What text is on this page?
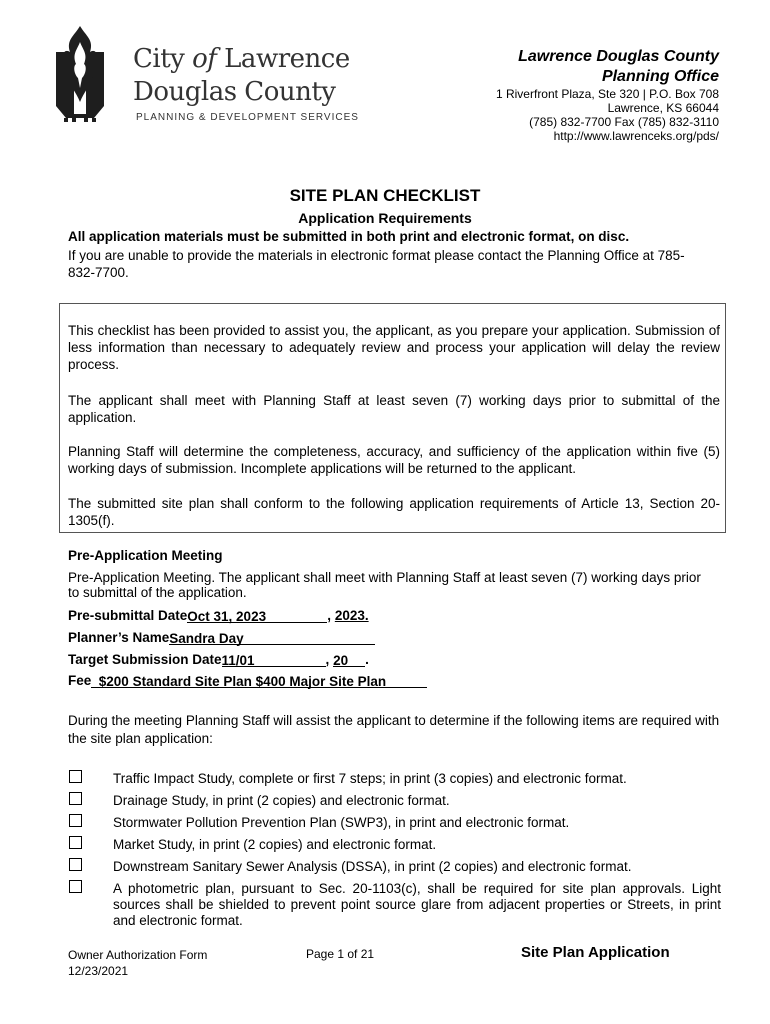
City of Lawrence
Douglas County
PLANNING & DEVELOPMENT SERVICES
Lawrence Douglas County
Planning Office
1 Riverfront Plaza, Ste 320 | P.O. Box 708
Lawrence, KS 66044
(785) 832-7700 Fax (785) 832-3110
http://www.lawrenceks.org/pds/
SITE PLAN CHECKLIST
Application Requirements
All application materials must be submitted in both print and electronic format, on disc.
If you are unable to provide the materials in electronic format please contact the Planning Office at 785-832-7700.
This checklist has been provided to assist you, the applicant, as you prepare your application. Submission of less information than necessary to adequately review and process your application will delay the review process.
The applicant shall meet with Planning Staff at least seven (7) working days prior to submittal of the application.
Planning Staff will determine the completeness, accuracy, and sufficiency of the application within five (5) working days of submission. Incomplete applications will be returned to the applicant.
The submitted site plan shall conform to the following application requirements of Article 13, Section 20-1305(f).
Pre-Application Meeting
Pre-Application Meeting. The applicant shall meet with Planning Staff at least seven (7) working days prior to submittal of the application.
Pre-submittal DateOct 31, 2023	, 2023.
Planner’s NameSandra Day
Target Submission Date11/01	, 20 .
Fee $200 Standard Site Plan $400 Major Site Plan
During the meeting Planning Staff will assist the applicant to determine if the following items are required with the site plan application:
Traffic Impact Study, complete or first 7 steps; in print (3 copies) and electronic format.
Drainage Study, in print (2 copies) and electronic format.
Stormwater Pollution Prevention Plan (SWP3), in print and electronic format.
Market Study, in print (2 copies) and electronic format.
Downstream Sanitary Sewer Analysis (DSSA), in print (2 copies) and electronic format.
A photometric plan, pursuant to Sec. 20-1103(c), shall be required for site plan approvals. Light sources shall be shielded to prevent point source glare from adjacent properties or Streets, in print and electronic format.
Owner Authorization Form
12/23/2021
Page 1 of 21	Site Plan Application
